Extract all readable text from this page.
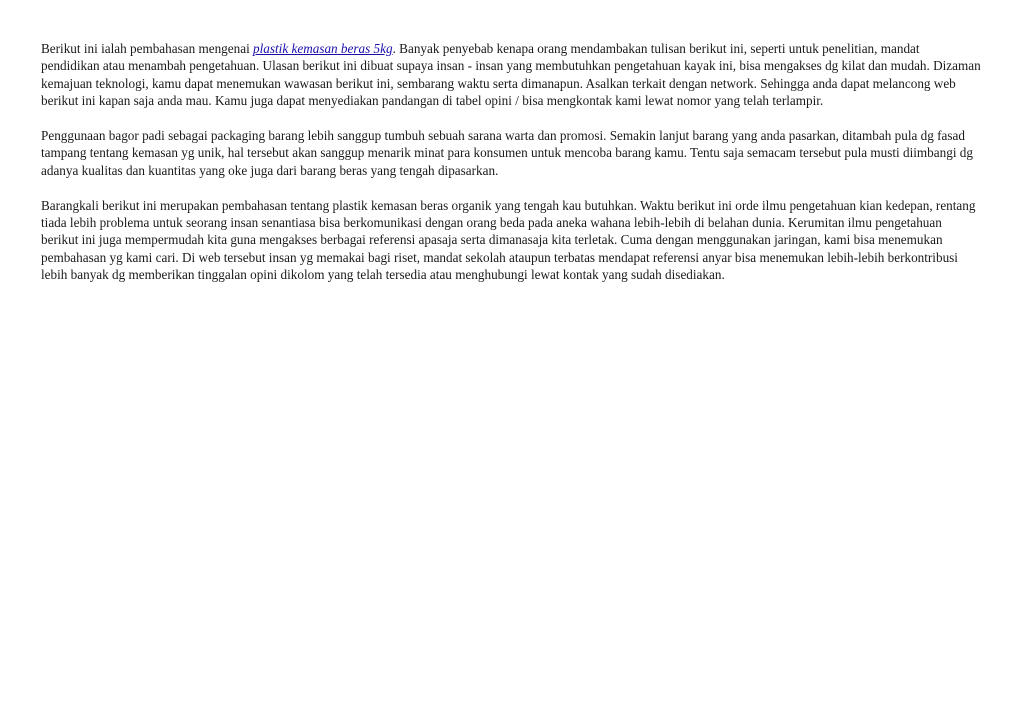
Berikut ini ialah pembahasan mengenai plastik kemasan beras 5kg. Banyak penyebab kenapa orang mendambakan tulisan berikut ini, seperti untuk penelitian, mandat pendidikan atau menambah pengetahuan. Ulasan berikut ini dibuat supaya insan - insan yang membutuhkan pengetahuan kayak ini, bisa mengakses dg kilat dan mudah. Dizaman kemajuan teknologi, kamu dapat menemukan wawasan berikut ini, sembarang waktu serta dimanapun. Asalkan terkait dengan network. Sehingga anda dapat melancong web berikut ini kapan saja anda mau. Kamu juga dapat menyediakan pandangan di tabel opini / bisa mengkontak kami lewat nomor yang telah terlampir.

Penggunaan bagor padi sebagai packaging barang lebih sanggup tumbuh sebuah sarana warta dan promosi. Semakin lanjut barang yang anda pasarkan, ditambah pula dg fasad tampang tentang kemasan yg unik, hal tersebut akan sanggup menarik minat para konsumen untuk mencoba barang kamu. Tentu saja semacam tersebut pula musti diimbangi dg adanya kualitas dan kuantitas yang oke juga dari barang beras yang tengah dipasarkan.

Barangkali berikut ini merupakan pembahasan tentang plastik kemasan beras organik yang tengah kau butuhkan. Waktu berikut ini orde ilmu pengetahuan kian kedepan, rentang tiada lebih problema untuk seorang insan senantiasa bisa berkomunikasi dengan orang beda pada aneka wahana lebih-lebih di belahan dunia. Kerumitan ilmu pengetahuan berikut ini juga mempermudah kita guna mengakses berbagai referensi apasaja serta dimanasaja kita terletak. Cuma dengan menggunakan jaringan, kami bisa menemukan pembahasan yg kami cari. Di web tersebut insan yg memakai bagi riset, mandat sekolah ataupun terbatas mendapat referensi anyar bisa menemukan lebih-lebih berkontribusi lebih banyak dg memberikan tinggalan opini dikolom yang telah tersedia atau menghubungi lewat kontak yang sudah disediakan.
